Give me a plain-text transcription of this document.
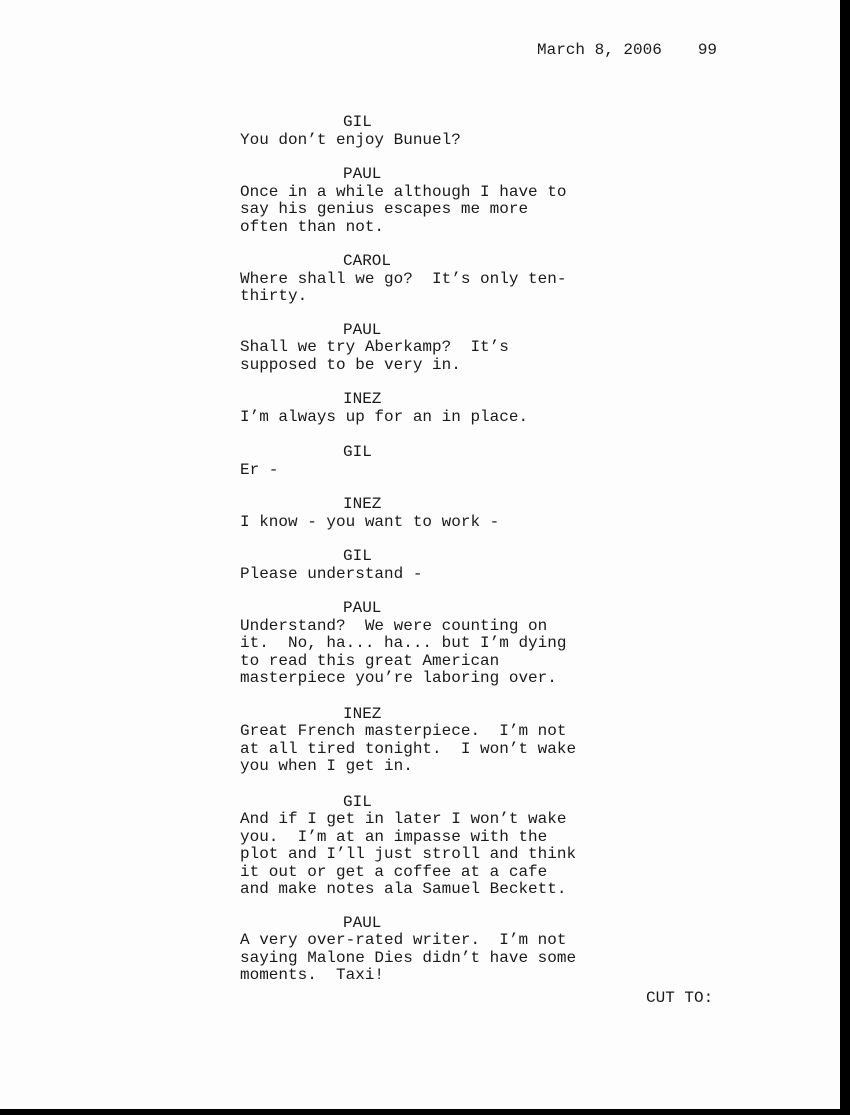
March 8, 2006 99
GIL
You don’t enjoy Bunuel?
PAUL
Once in a while although I have to
say his genius escapes me more
often than not.
CAROL
Where shall we go?  It’s only ten-
thirty.
PAUL
Shall we try Aberkamp?  It’s
supposed to be very in.
INEZ
I’m always up for an in place.
GIL
Er -
INEZ
I know - you want to work -
GIL
Please understand -
PAUL
Understand?  We were counting on
it.  No, ha... ha... but I’m dying
to read this great American
masterpiece you’re laboring over.
INEZ
Great French masterpiece.  I’m not
at all tired tonight.  I won’t wake
you when I get in.
GIL
And if I get in later I won’t wake
you.  I’m at an impasse with the
plot and I’ll just stroll and think
it out or get a coffee at a cafe
and make notes ala Samuel Beckett.
PAUL
A very over-rated writer.  I’m not
saying Malone Dies didn’t have some
moments.  Taxi!
CUT TO:
